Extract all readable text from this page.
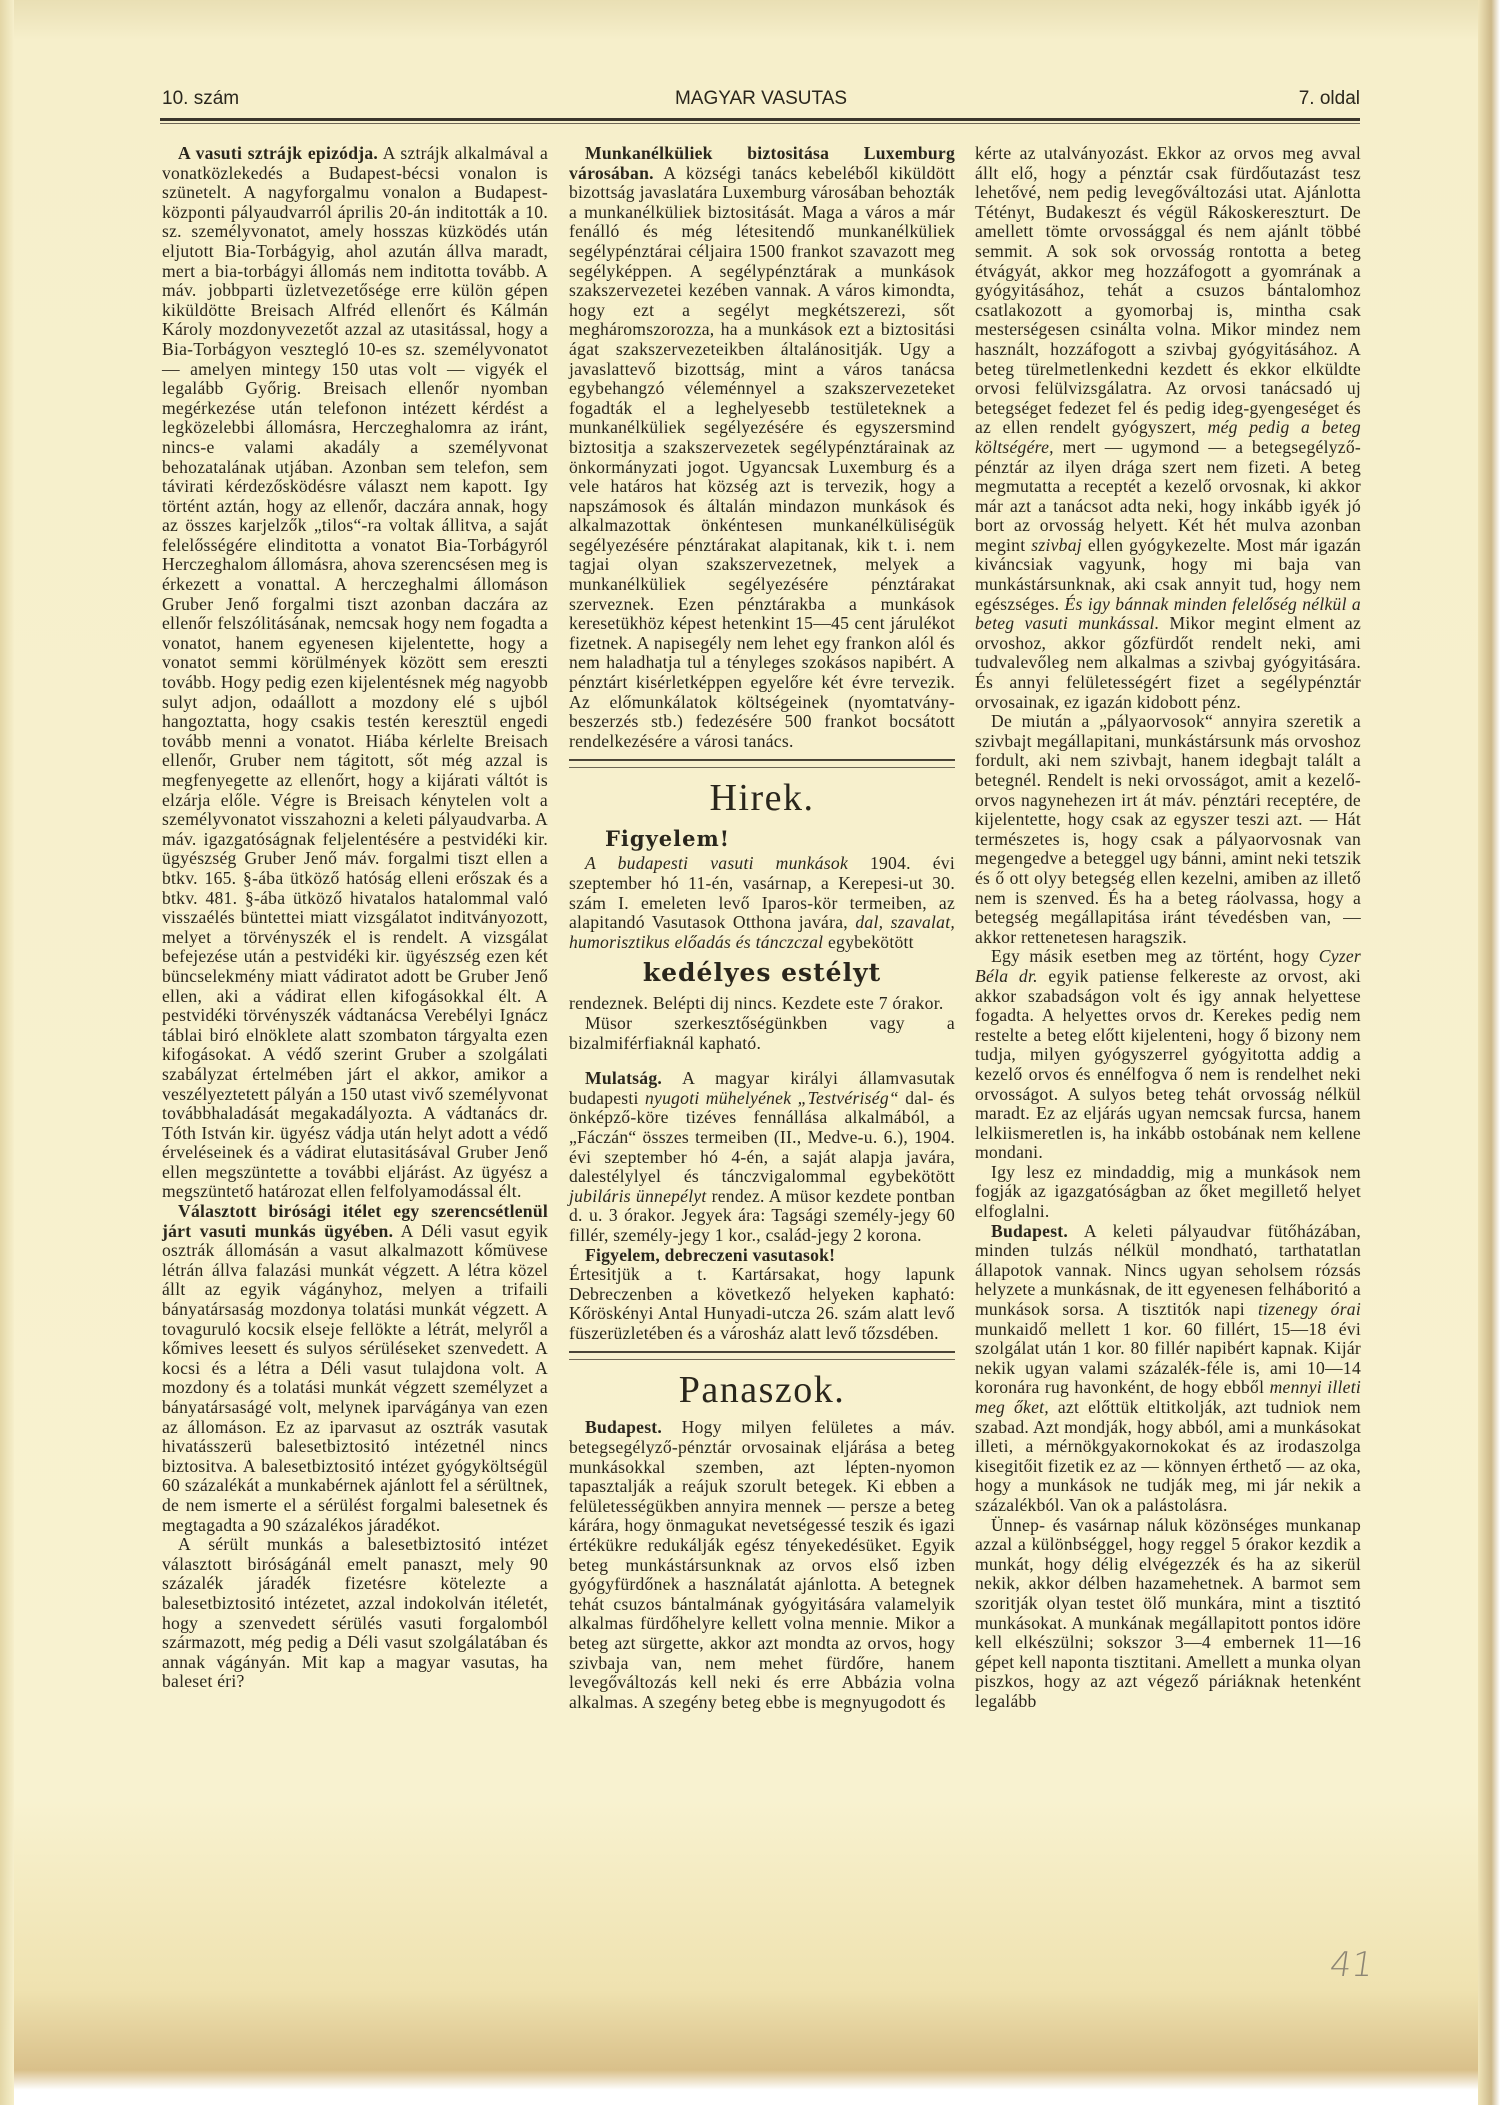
10. szám	MAGYAR VASUTAS	7. oldal

A vasuti sztrájk epizódja. A sztrájk alkalmával a vonatközlekedés a Budapest-bécsi vonalon is szünetelt. A nagyforgalmu vonalon a Budapest-központi pályaudvarról április 20-án inditották a 10. sz. személyvonatot, amely hosszas küzködés után eljutott Bia-Torbágyig, ahol azután állva maradt, mert a bia-torbágyi állomás nem inditotta tovább. A máv. jobbparti üzletvezetősége erre külön gépen kiküldötte Breisach Alfréd ellenőrt és Kálmán Károly mozdonyvezetőt azzal az utasitással, hogy a Bia-Torbágyon vesztegló 10-es sz. személyvonatot — amelyen mintegy 150 utas volt — vigyék el legalább Győrig. Breisach ellenőr nyomban megérkezése után telefonon intézett kérdést a legközelebbi állomásra, Herczeghalomra az iránt, nincs-e valami akadály a személyvonat behozatalának utjában. Azonban sem telefon, sem távirati kérdezősködésre választ nem kapott. Igy történt aztán, hogy az ellenőr, daczára annak, hogy az összes karjelzők „tilos“-ra voltak állitva, a saját felelősségére elinditotta a vonatot Bia-Torbágyról Herczeghalom állomásra, ahova szerencsésen meg is érkezett a vonattal. A herczeghalmi állomáson Gruber Jenő forgalmi tiszt azonban daczára az ellenőr felszólitásának, nemcsak hogy nem fogadta a vonatot, hanem egyenesen kijelentette, hogy a vonatot semmi körülmények között sem ereszti tovább. Hogy pedig ezen kijelentésnek még nagyobb sulyt adjon, odaállott a mozdony elé s ujból hangoztatta, hogy csakis testén keresztül engedi tovább menni a vonatot. Hiába kérlelte Breisach ellenőr, Gruber nem tágitott, sőt még azzal is megfenyegette az ellenőrt, hogy a kijárati váltót is elzárja előle. Végre is Breisach kénytelen volt a személyvonatot visszahozni a keleti pályaudvarba. A máv. igazgatóságnak feljelentésére a pestvidéki kir. ügyészség Gruber Jenő máv. forgalmi tiszt ellen a btkv. 165. §-ába ütköző hatóság elleni erőszak és a btkv. 481. §-ába ütköző hivatalos hatalommal való visszaélés büntettei miatt vizsgálatot inditványozott, melyet a törvényszék el is rendelt. A vizsgálat befejezése után a pestvidéki kir. ügyészség ezen két büncselekmény miatt vádiratot adott be Gruber Jenő ellen, aki a vádirat ellen kifogásokkal élt. A pestvidéki törvényszék vádtanácsa Verebélyi Ignácz táblai biró elnöklete alatt szombaton tárgyalta ezen kifogásokat. A védő szerint Gruber a szolgálati szabályzat értelmében járt el akkor, amikor a veszélyeztetett pályán a 150 utast vivő személyvonat továbbhaladását megakadályozta. A vádtanács dr. Tóth István kir. ügyész vádja után helyt adott a védő érveléseinek és a vádirat elutasitásával Gruber Jenő ellen megszüntette a további eljárást. Az ügyész a megszüntető határozat ellen felfolyamodással élt.

Választott birósági itélet egy szerencsétlenül járt vasuti munkás ügyében. A Déli vasut egyik osztrák állomásán a vasut alkalmazott kőmüvese létrán állva falazási munkát végzett. A létra közel állt az egyik vágányhoz, melyen a trifaili bányatársaság mozdonya tolatási munkát végzett. A tovaguruló kocsik elseje fellökte a létrát, melyről a kőmives leesett és sulyos sérüléseket szenvedett. A kocsi és a létra a Déli vasut tulajdona volt. A mozdony és a tolatási munkát végzett személyzet a bányatársaságé volt, melynek iparvágánya van ezen az állomáson. Ez az iparvasut az osztrák vasutak hivatásszerü balesetbiztositó intézetnél nincs biztositva. A balesetbiztositó intézet gyógyköltségül 60 százalékát a munkabérnek ajánlott fel a sérültnek, de nem ismerte el a sérülést forgalmi balesetnek és megtagadta a 90 százalékos járadékot.

A sérült munkás a balesetbiztositó intézet választott biróságánál emelt panaszt, mely 90 százalék járadék fizetésre kötelezte a balesetbiztositó intézetet, azzal indokolván itéletét, hogy a szenvedett sérülés vasuti forgalomból származott, még pedig a Déli vasut szolgálatában és annak vágányán. Mit kap a magyar vasutas, ha baleset éri?

Munkanélküliek biztositása Luxemburg városában. A községi tanács kebeléből kiküldött bizottság javaslatára Luxemburg városában behozták a munkanélküliek biztositását. Maga a város a már fenálló és még létesitendő munkanélküliek segélypénztárai céljaira 1500 frankot szavazott meg segélyképpen. A segélypénztárak a munkások szakszervezetei kezében vannak. A város kimondta, hogy ezt a segélyt megkétszerezi, sőt megháromszorozza, ha a munkások ezt a biztositási ágat szakszervezeteikben általánositják. Ugy a javaslattevő bizottság, mint a város tanácsa egybehangzó véleménnyel a szakszervezeteket fogadták el a leghelyesebb testületeknek a munkanélküliek segélyezésére és egyszersmind biztositja a szakszervezetek segélypénztárainak az önkormányzati jogot. Ugyancsak Luxemburg és a vele határos hat község azt is tervezik, hogy a napszámosok és általán mindazon munkások és alkalmazottak önkéntesen munkanélküliségük segélyezésére pénztárakat alapitanak, kik t. i. nem tagjai olyan szakszervezetnek, melyek a munkanélküliek segélyezésére pénztárakat szerveznek. Ezen pénztárakba a munkások keresetükhöz képest hetenkint 15—45 cent járulékot fizetnek. A napisegély nem lehet egy frankon alól és nem haladhatja tul a tényleges szokásos napibért. A pénztárt kisérletképpen egyelőre két évre tervezik. Az előmunkálatok költségeinek (nyomtatvány-beszerzés stb.) fedezésére 500 frankot bocsátott rendelkezésére a városi tanács.

Hirek.
Figyelem!

A budapesti vasuti munkások 1904. évi szeptember hó 11-én, vasárnap, a Kerepesi-ut 30. szám I. emeleten levő Iparos-kör termeiben, az alapitandó Vasutasok Otthona javára, dal, szavalat, humorisztikus előadás és tánczczal egybekötött

kedélyes estélyt

rendeznek. Belépti dij nincs. Kezdete este 7 órakor.

Müsor szerkesztőségünkben vagy a bizalmiférfiaknál kapható.

Mulatság. A magyar királyi államvasutak budapesti nyugoti mühelyének „Testvériség“ dal- és önképző-köre tizéves fennállása alkalmából, a „Fáczán“ összes termeiben (II., Medve-u. 6.), 1904. évi szeptember hó 4-én, a saját alapja javára, dalestélylyel és tánczvigalommal egybekötött jubiláris ünnepélyt rendez. A müsor kezdete pontban d. u. 3 órakor. Jegyek ára: Tagsági személy-jegy 60 fillér, személy-jegy 1 kor., család-jegy 2 korona.

Figyelem, debreczeni vasutasok!
Értesitjük a t. Kartársakat, hogy lapunk Debreczenben a következő helyeken kapható: Kőröskényi Antal Hunyadi-utcza 26. szám alatt levő füszerüzletében és a városház alatt levő tőzsdében.

Panaszok.

Budapest. Hogy milyen felületes a máv. betegsegélyző-pénztár orvosainak eljárása a beteg munkásokkal szemben, azt lépten-nyomon tapasztalják a reájuk szorult betegek. Ki ebben a felületességükben annyira mennek — persze a beteg kárára, hogy önmagukat nevetségessé teszik és igazi értékükre redukálják egész tényekedésüket. Egyik beteg munkástársunknak az orvos első izben gyógyfürdőnek a használatát ajánlotta. A betegnek tehát csuzos bántalmának gyógyitására valamelyik alkalmas fürdőhelyre kellett volna mennie. Mikor a beteg azt sürgette, akkor azt mondta az orvos, hogy szivbaja van, nem mehet fürdőre, hanem levegőváltozás kell neki és erre Abbázia volna alkalmas. A szegény beteg ebbe is megnyugodott és

kérte az utalványozást. Ekkor az orvos meg avval állt elő, hogy a pénztár csak fürdőutazást tesz lehetővé, nem pedig levegőváltozási utat. Ajánlotta Tétényt, Budakeszt és végül Rákoskereszturt. De amellett tömte orvossággal és nem ajánlt többé semmit. A sok sok orvosság rontotta a beteg étvágyát, akkor meg hozzáfogott a gyomrának a gyógyitásához, tehát a csuzos bántalomhoz csatlakozott a gyomorbaj is, mintha csak mesterségesen csinálta volna. Mikor mindez nem használt, hozzáfogott a szivbaj gyógyitásához. A beteg türelmetlenkedni kezdett és ekkor elküldte orvosi felülvizsgálatra. Az orvosi tanácsadó uj betegséget fedezet fel és pedig ideg-gyengeséget és az ellen rendelt gyógyszert, még pedig a beteg költségére, mert — ugymond — a betegsegélyző-pénztár az ilyen drága szert nem fizeti. A beteg megmutatta a receptét a kezelő orvosnak, ki akkor már azt a tanácsot adta neki, hogy inkább igyék jó bort az orvosság helyett. Két hét mulva azonban megint szivbaj ellen gyógykezelte. Most már igazán kiváncsiak vagyunk, hogy mi baja van munkástársunknak, aki csak annyit tud, hogy nem egészséges. És igy bánnak minden felelőség nélkül a beteg vasuti munkással. Mikor megint elment az orvoshoz, akkor gőzfürdőt rendelt neki, ami tudvalevőleg nem alkalmas a szivbaj gyógyitására. És annyi felületességért fizet a segélypénztár orvosainak, ez igazán kidobott pénz.

De miután a „pályaorvosok“ annyira szeretik a szivbajt megállapitani, munkástársunk más orvoshoz fordult, aki nem szivbajt, hanem idegbajt talált a betegnél. Rendelt is neki orvosságot, amit a kezelő-orvos nagynehezen irt át máv. pénztári receptére, de kijelentette, hogy csak az egyszer teszi azt. — Hát természetes is, hogy csak a pályaorvosnak van megengedve a beteggel ugy bánni, amint neki tetszik és ő ott olyy betegség ellen kezelni, amiben az illető nem is szenved. És ha a beteg ráolvassa, hogy a betegség megállapitása iránt tévedésben van, — akkor rettenetesen haragszik.

Egy másik esetben meg az történt, hogy Cyzer Béla dr. egyik patiense felkereste az orvost, aki akkor szabadságon volt és igy annak helyettese fogadta. A helyettes orvos dr. Kerekes pedig nem restelte a beteg előtt kijelenteni, hogy ő bizony nem tudja, milyen gyógyszerrel gyógyitotta addig a kezelő orvos és ennélfogva ő nem is rendelhet neki orvosságot. A sulyos beteg tehát orvosság nélkül maradt. Ez az eljárás ugyan nemcsak furcsa, hanem lelkiismeretlen is, ha inkább ostobának nem kellene mondani.

Igy lesz ez mindaddig, mig a munkások nem fogják az igazgatóságban az őket megillető helyet elfoglalni.

Budapest. A keleti pályaudvar fütőházában, minden tulzás nélkül mondható, tarthatatlan állapotok vannak. Nincs ugyan seholsem rózsás helyzete a munkásnak, de itt egyenesen felháboritó a munkások sorsa. A tisztitók napi tizenegy órai munkaidő mellett 1 kor. 60 fillért, 15—18 évi szolgálat után 1 kor. 80 fillér napibért kapnak. Kijár nekik ugyan valami százalék-féle is, ami 10—14 koronára rug havonként, de hogy ebből mennyi illeti meg őket, azt előttük eltitkolják, azt tudniok nem szabad. Azt mondják, hogy abból, ami a munkásokat illeti, a mérnökgyakornokokat és az irodaszolga kisegitőit fizetik ez az — könnyen érthető — az oka, hogy a munkások ne tudják meg, mi jár nekik a százalékból. Van ok a palástolásra.

Ünnep- és vasárnap náluk közönséges munkanap azzal a különbséggel, hogy reggel 5 órakor kezdik a munkát, hogy délig elvégezzék és ha az sikerül nekik, akkor délben hazamehetnek. A barmot sem szoritják olyan testet ölő munkára, mint a tisztitó munkásokat. A munkának megállapitott pontos idöre kell elkészülni; sokszor 3—4 embernek 11—16 gépet kell naponta tisztitani. Amellett a munka olyan piszkos, hogy az azt végező páriáknak hetenként legalább

41
